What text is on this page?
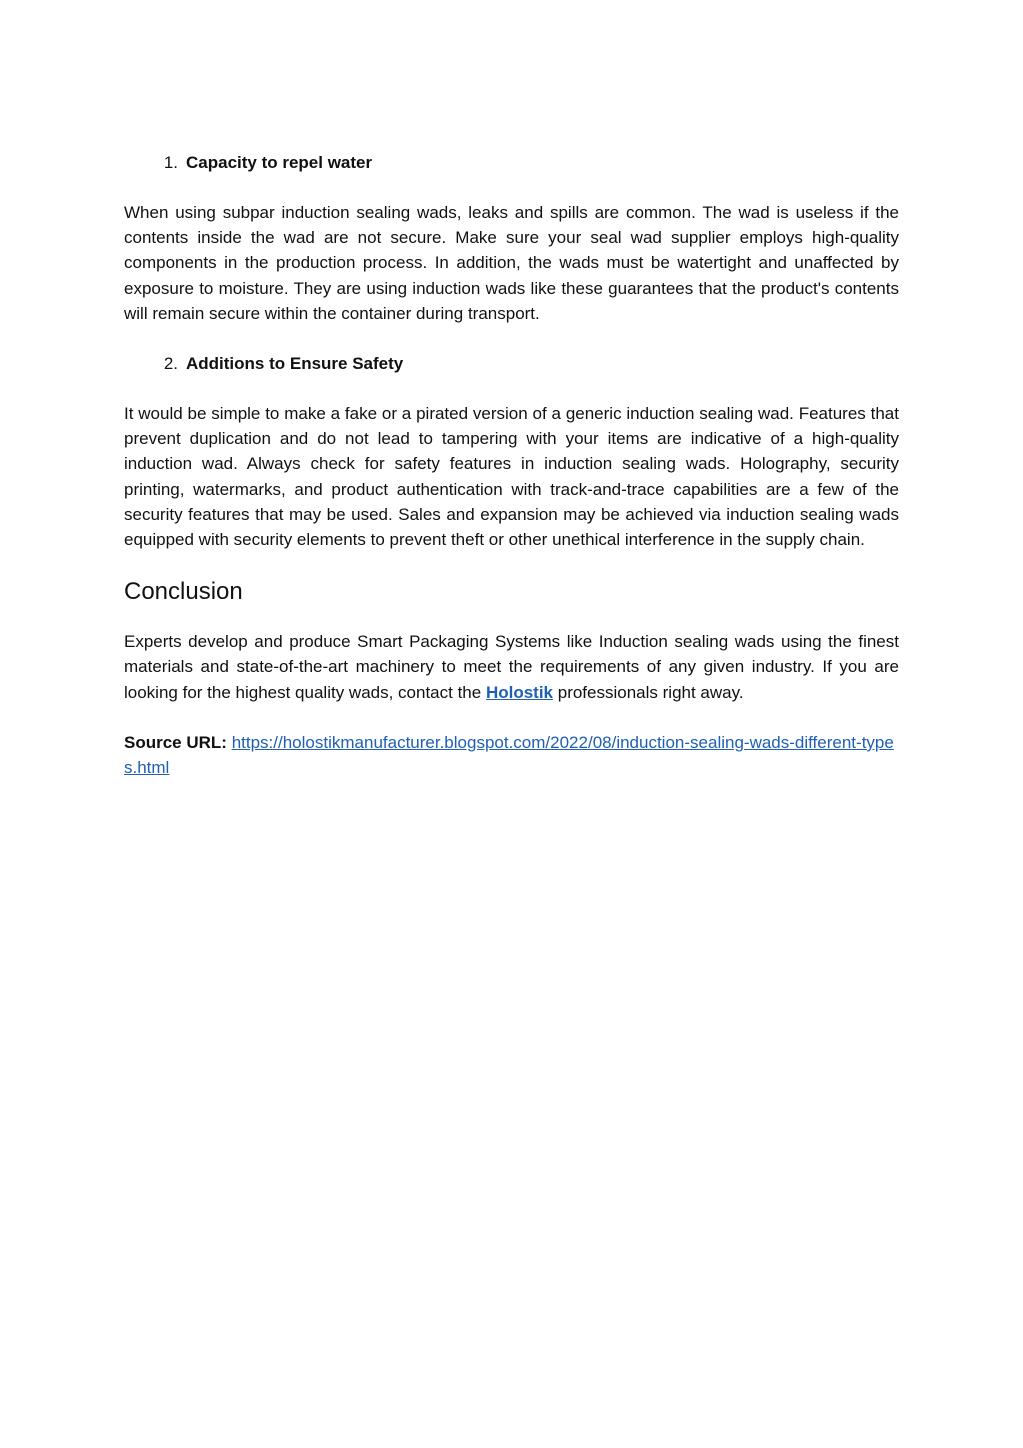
1. Capacity to repel water

When using subpar induction sealing wads, leaks and spills are common. The wad is useless if the contents inside the wad are not secure. Make sure your seal wad supplier employs high-quality components in the production process. In addition, the wads must be watertight and unaffected by exposure to moisture. They are using induction wads like these guarantees that the product's contents will remain secure within the container during transport.

2. Additions to Ensure Safety

It would be simple to make a fake or a pirated version of a generic induction sealing wad. Features that prevent duplication and do not lead to tampering with your items are indicative of a high-quality induction wad. Always check for safety features in induction sealing wads. Holography, security printing, watermarks, and product authentication with track-and-trace capabilities are a few of the security features that may be used. Sales and expansion may be achieved via induction sealing wads equipped with security elements to prevent theft or other unethical interference in the supply chain.

Conclusion

Experts develop and produce Smart Packaging Systems like Induction sealing wads using the finest materials and state-of-the-art machinery to meet the requirements of any given industry. If you are looking for the highest quality wads, contact the Holostik professionals right away.

Source URL: https://holostikmanufacturer.blogspot.com/2022/08/induction-sealing-wads-different-types.html
